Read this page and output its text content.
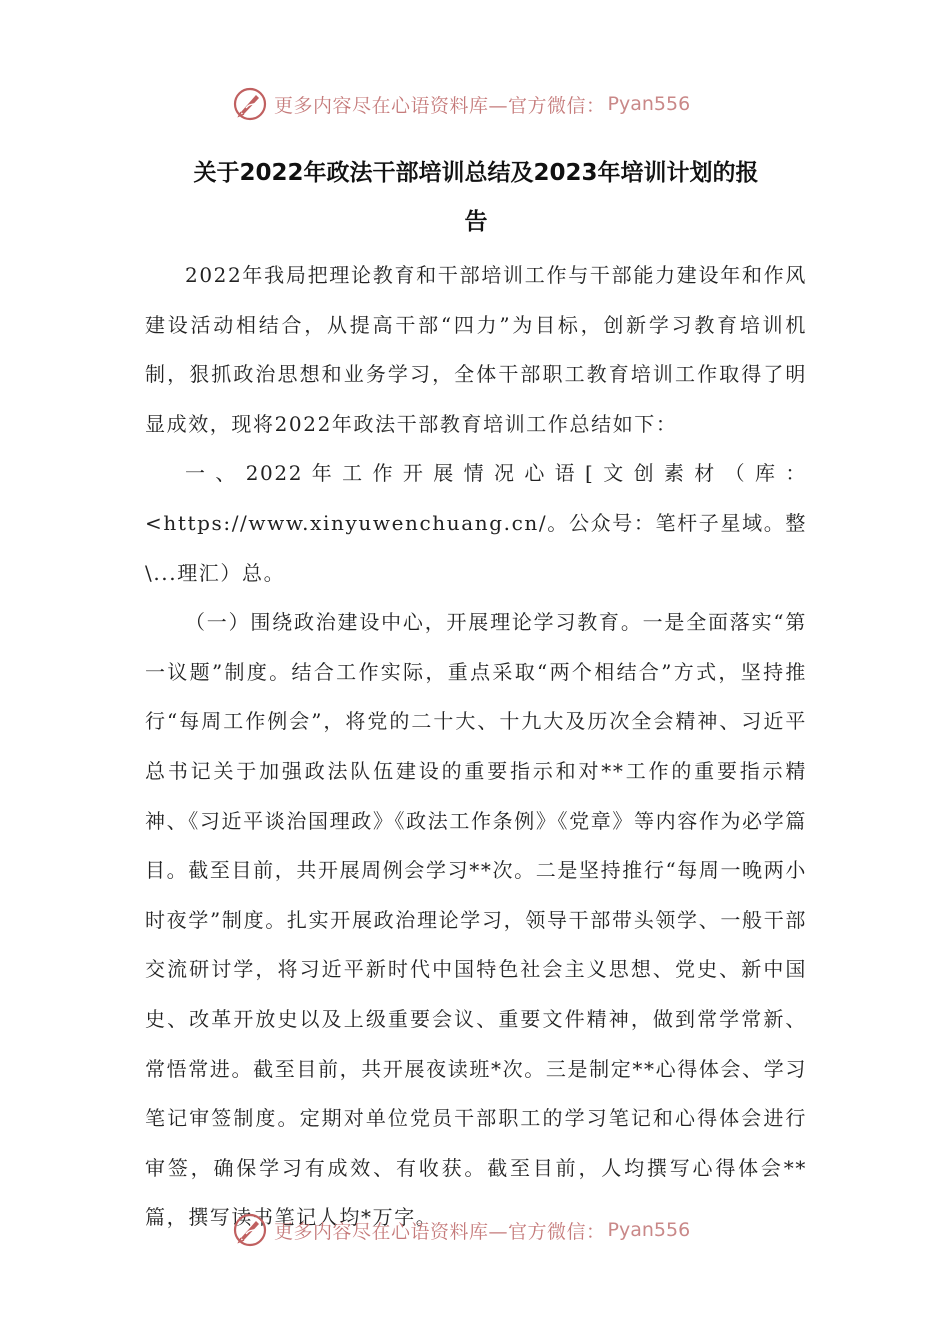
更多内容尽在心语资料库—官方微信： Pyan556
关于2022年政法干部培训总结及2023年培训计划的报
告

2022年我局把理论教育和干部培训工作与干部能力建设年和作风建设活动相结合，从提高干部“四力”为目标，创新学习教育培训机制，狠抓政治思想和业务学习，全体干部职工教育培训工作取得了明显成效，现将2022年政法干部教育培训工作总结如下：

一、2022年工作开展情况心语[文创素材（库：<https://www.xinyuwenchuang.cn/。公众号：笔杆子星域。整\...理汇）总。

（一）围绕政治建设中心，开展理论学习教育。一是全面落实“第一议题”制度。结合工作实际，重点采取“两个相结合”方式，坚持推行“每周工作例会”，将党的二十大、十九大及历次全会精神、习近平总书记关于加强政法队伍建设的重要指示和对**工作的重要指示精神、《习近平谈治国理政》《政法工作条例》《党章》等内容作为必学篇目。截至目前，共开展周例会学习**次。二是坚持推行“每周一晚两小时夜学”制度。扎实开展政治理论学习，领导干部带头领学、一般干部交流研讨学，将习近平新时代中国特色社会主义思想、党史、新中国史、改革开放史以及上级重要会议、重要文件精神，做到常学常新、常悟常进。截至目前，共开展夜读班*次。三是制定**心得体会、学习笔记审签制度。定期对单位党员干部职工的学习笔记和心得体会进行审签，确保学习有成效、有收获。截至目前，人均撰写心得体会**篇，撰写读书笔记人均*万字。

更多内容尽在心语资料库—官方微信： Pyan556
